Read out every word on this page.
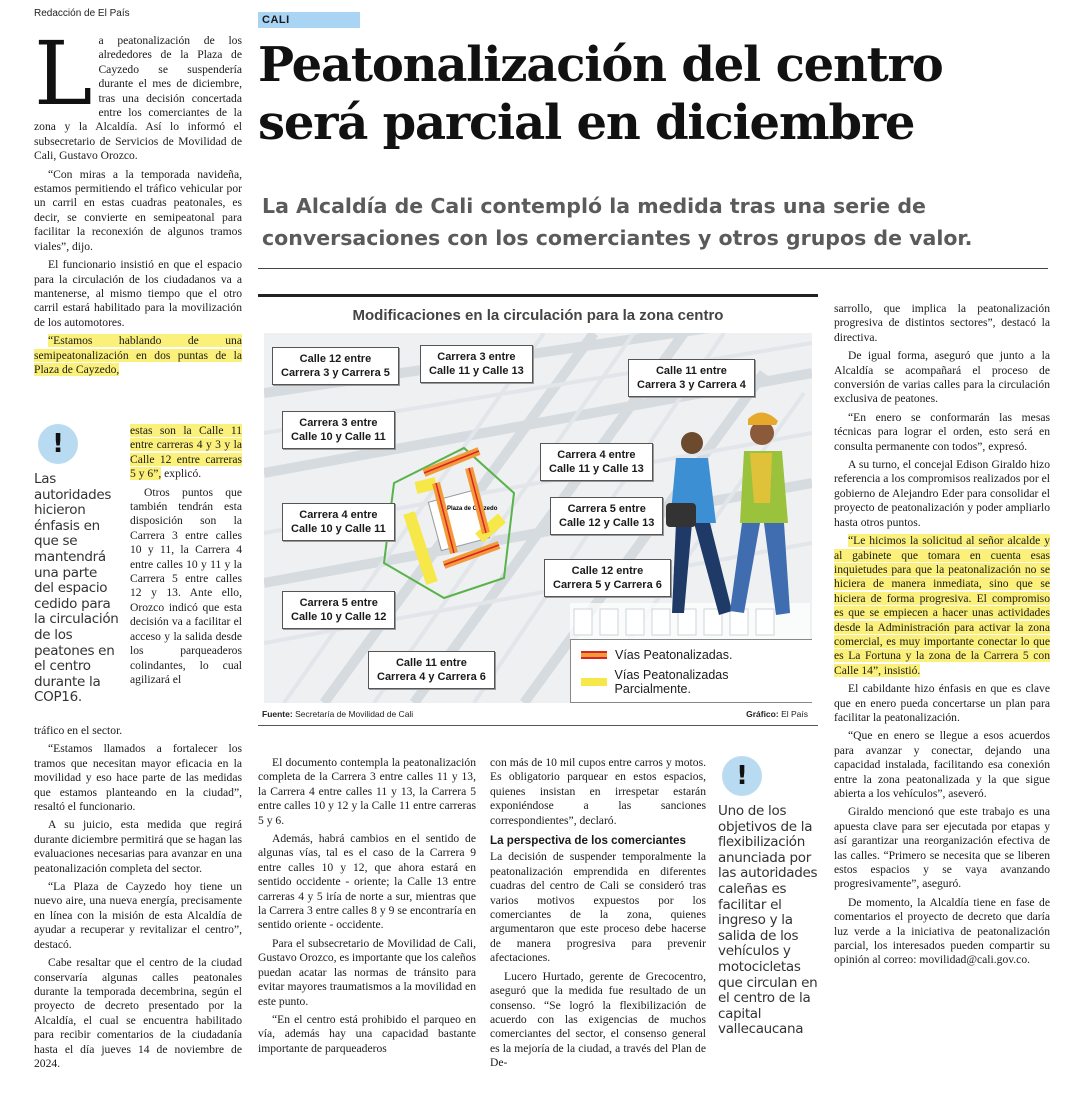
Redacción de El País
CALI
Peatonalización del centro será parcial en diciembre
La Alcaldía de Cali contempló la medida tras una serie de conversaciones con los comerciantes y otros grupos de valor.

La peatonalización de los alrededores de la Plaza de Cayzedo se suspendería durante el mes de diciembre, tras una decisión concertada entre los comerciantes de la zona y la Alcaldía. Así lo informó el subsecretario de Servicios de Movilidad de Cali, Gustavo Orozco.

“Con miras a la temporada navideña, estamos permitiendo el tráfico vehicular por un carril en estas cuadras peatonales, es decir, se convierte en semipeatonal para facilitar la reconexión de algunos tramos viales”, dijo.

El funcionario insistió en que el espacio para la circulación de los ciudadanos va a mantenerse, al mismo tiempo que el otro carril estará habilitado para la movilización de los automotores.

“Estamos hablando de una semipeatonalización en dos puntas de la Plaza de Cayzedo,

!
Las autoridades hicieron énfasis en que se mantendrá una parte del espacio cedido para la circulación de los peatones en el centro durante la COP16.

estas son la Calle 11 entre carreras 4 y 3 y la Calle 12 entre carreras 5 y 6”, explicó.

Otros puntos que también tendrán esta disposición son la Carrera 3 entre calles 10 y 11, la Carrera 4 entre calles 10 y 11 y la Carrera 5 entre calles 12 y 13. Ante ello, Orozco indicó que esta decisión va a facilitar el acceso y la salida desde los parqueaderos colindantes, lo cual agilizará el

tráfico en el sector.

“Estamos llamados a fortalecer los tramos que necesitan mayor eficacia en la movilidad y eso hace parte de las medidas que estamos planteando en la ciudad”, resaltó el funcionario.

A su juicio, esta medida que regirá durante diciembre permitirá que se hagan las evaluaciones necesarias para avanzar en una peatonalización completa del sector.

“La Plaza de Cayzedo hoy tiene un nuevo aire, una nueva energía, precisamente en línea con la misión de esta Alcaldía de ayudar a recuperar y revitalizar el centro”, destacó.

Cabe resaltar que el centro de la ciudad conservaría algunas calles peatonales durante la temporada decembrina, según el proyecto de decreto presentado por la Alcaldía, el cual se encuentra habilitado para recibir comentarios de la ciudadanía hasta el día jueves 14 de noviembre de 2024.

Modificaciones en la circulación para la zona centro
Plaza de Cayzedo
Calle 12 entre
Carrera 3 y Carrera 5
Carrera 3 entre
Calle 11 y Calle 13	Calle 11 entre
Carrera 3 y Carrera 4
Carrera 3 entre
Calle 10 y Calle 11
Carrera 4 entre
Calle 11 y Calle 13
Carrera 4 entre
Calle 10 y Calle 11
Carrera 5 entre
Calle 12 y Calle 13
Calle 12 entre
Carrera 5 y Carrera 6
Carrera 5 entre
Calle 10 y Calle 12
Calle 11 entre
Carrera 4 y Carrera 6
Vías Peatonalizadas.
Vías Peatonalizadas Parcialmente.
Fuente: Secretaría de Movilidad de Cali	Gráfico: El País

El documento contempla la peatonalización completa de la Carrera 3 entre calles 11 y 13, la Carrera 4 entre calles 11 y 13, la Carrera 5 entre calles 10 y 12 y la Calle 11 entre carreras 5 y 6.

Además, habrá cambios en el sentido de algunas vías, tal es el caso de la Carrera 9 entre calles 10 y 12, que ahora estará en sentido occidente - oriente; la Calle 13 entre carreras 4 y 5 iría de norte a sur, mientras que la Carrera 3 entre calles 8 y 9 se encontraría en sentido oriente - occidente.

Para el subsecretario de Movilidad de Cali, Gustavo Orozco, es importante que los caleños puedan acatar las normas de tránsito para evitar mayores traumatismos a la movilidad en este punto.

“En el centro está prohibido el parqueo en vía, además hay una capacidad bastante importante de parqueaderos

con más de 10 mil cupos entre carros y motos. Es obligatorio parquear en estos espacios, quienes insistan en irrespetar estarán exponiéndose a las sanciones correspondientes”, declaró.

La perspectiva de los comerciantes

La decisión de suspender temporalmente la peatonalización emprendida en diferentes cuadras del centro de Cali se consideró tras varios motivos expuestos por los comerciantes de la zona, quienes argumentaron que este proceso debe hacerse de manera progresiva para prevenir afectaciones.

Lucero Hurtado, gerente de Grecocentro, aseguró que la medida fue resultado de un consenso. “Se logró la flexibilización de acuerdo con las exigencias de muchos comerciantes del sector, el consenso general es la mejoría de la ciudad, a través del Plan de De-

!
Uno de los objetivos de la flexibilización anunciada por las autoridades caleñas es facilitar el ingreso y la salida de los vehículos y motocicletas que circulan en el centro de la capital vallecaucana

sarrollo, que implica la peatonalización progresiva de distintos sectores”, destacó la directiva.

De igual forma, aseguró que junto a la Alcaldía se acompañará el proceso de conversión de varias calles para la circulación exclusiva de peatones.

“En enero se conformarán las mesas técnicas para lograr el orden, esto será en consulta permanente con todos”, expresó.

A su turno, el concejal Edison Giraldo hizo referencia a los compromisos realizados por el gobierno de Alejandro Eder para consolidar el proyecto de peatonalización y poder ampliarlo hasta otros puntos.

“Le hicimos la solicitud al señor alcalde y al gabinete que tomara en cuenta esas inquietudes para que la peatonalización no se hiciera de manera inmediata, sino que se hiciera de forma progresiva. El compromiso es que se empiecen a hacer unas actividades desde la Administración para activar la zona comercial, es muy importante conectar lo que es La Fortuna y la zona de la Carrera 5 con Calle 14”, insistió.

El cabildante hizo énfasis en que es clave que en enero pueda concertarse un plan para facilitar la peatonalización.

“Que en enero se llegue a esos acuerdos para avanzar y conectar, dejando una capacidad instalada, facilitando esa conexión entre la zona peatonalizada y la que sigue abierta a los vehículos”, aseveró.

Giraldo mencionó que este trabajo es una apuesta clave para ser ejecutada por etapas y así garantizar una reorganización efectiva de las calles. “Primero se necesita que se liberen estos espacios y se vaya avanzando progresivamente”, aseguró.

De momento, la Alcaldía tiene en fase de comentarios el proyecto de decreto que daría luz verde a la iniciativa de peatonalización parcial, los interesados pueden compartir su opinión al correo: movilidad@cali.gov.co.
